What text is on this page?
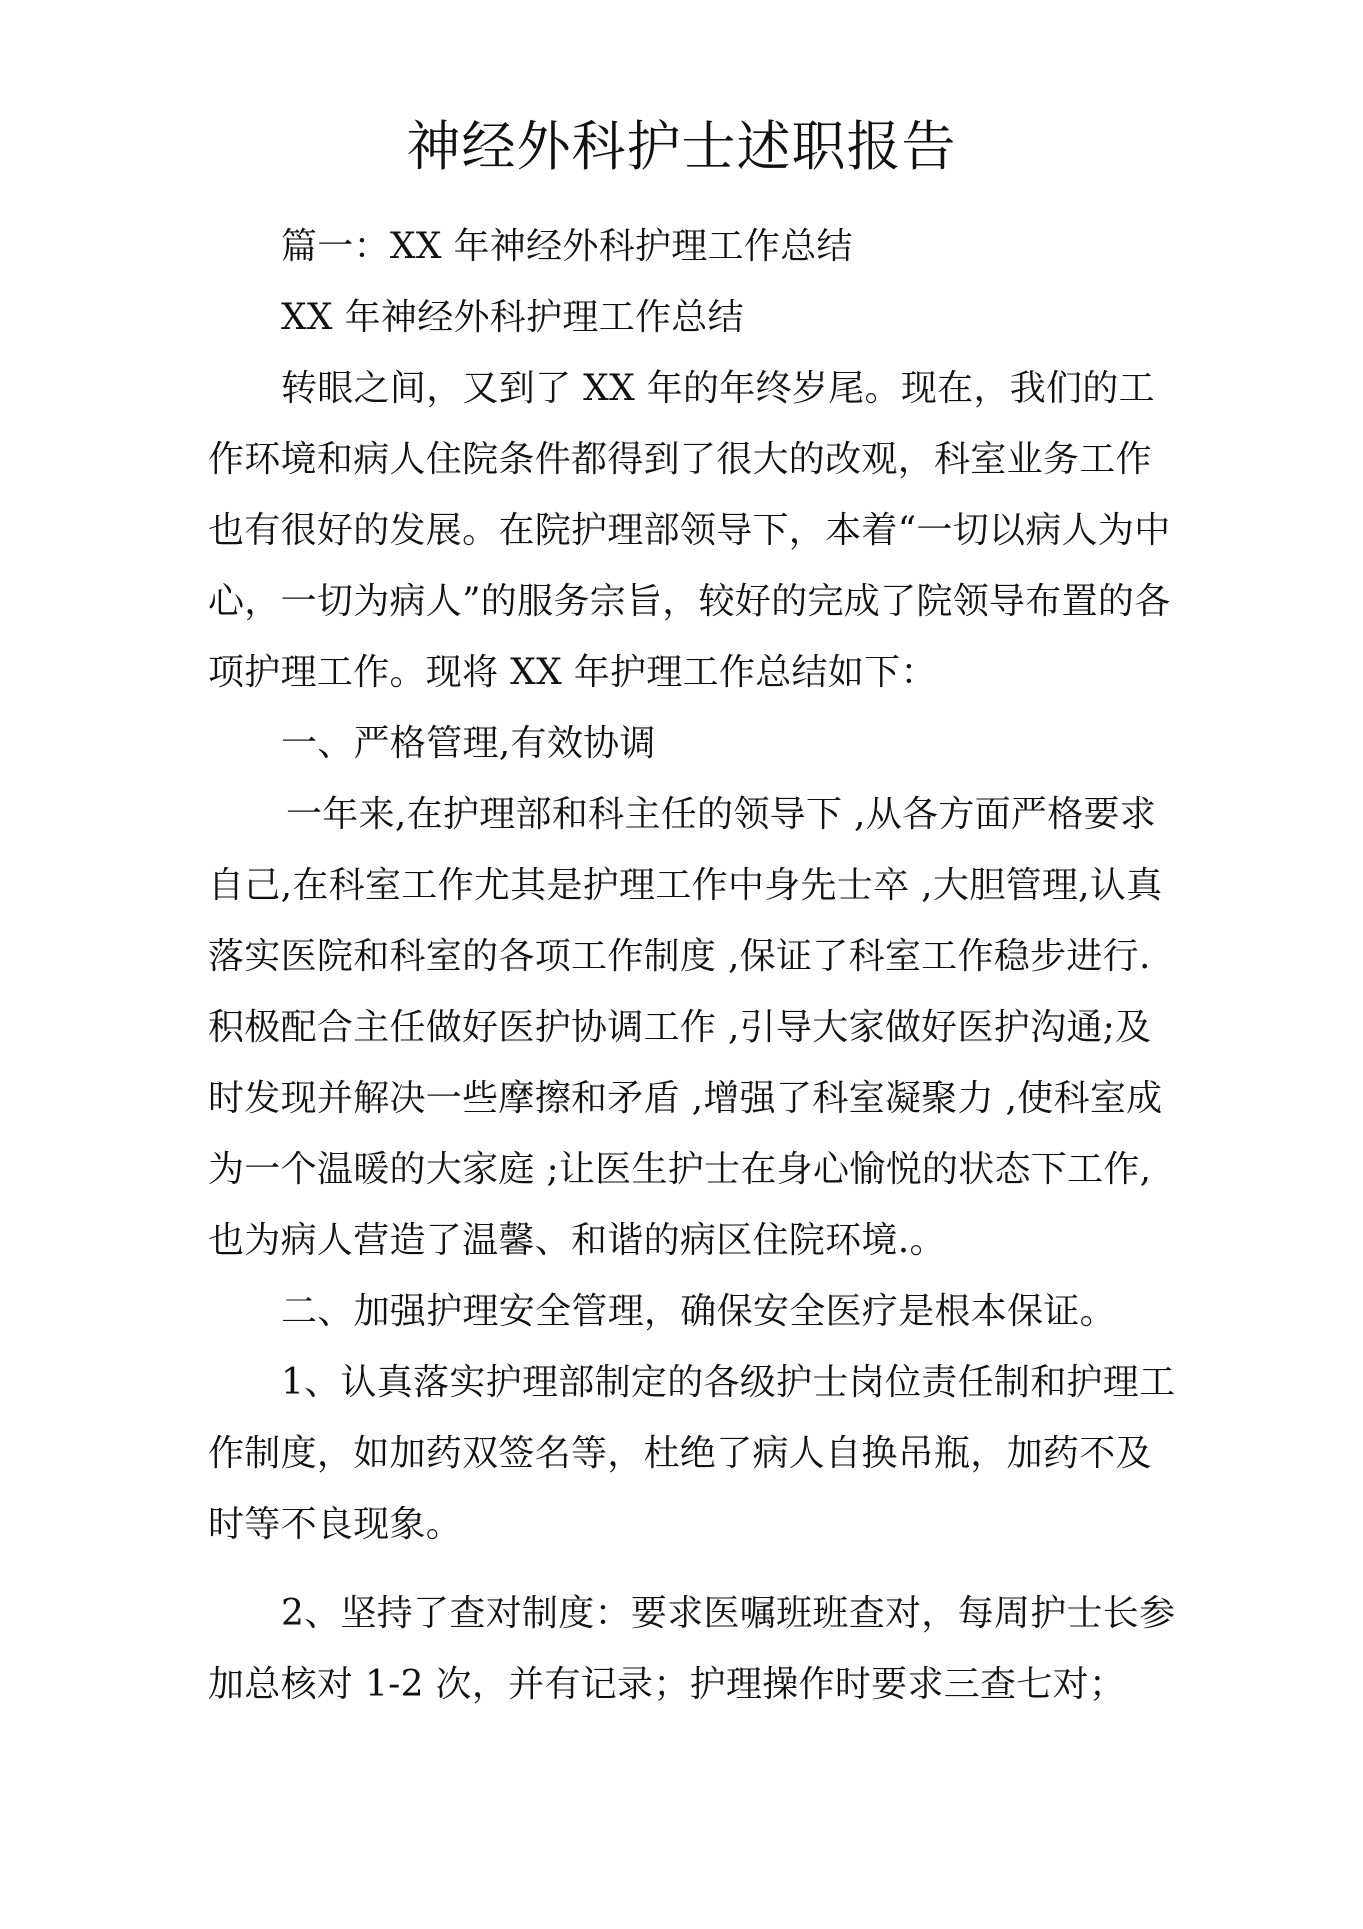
神经外科护士述职报告

篇一：XX 年神经外科护理工作总结

XX 年神经外科护理工作总结

转眼之间，又到了 XX 年的年终岁尾。现在，我们的工作环境和病人住院条件都得到了很大的改观，科室业务工作也有很好的发展。在院护理部领导下，本着“一切以病人为中心，一切为病人”的服务宗旨，较好的完成了院领导布置的各项护理工作。现将 XX 年护理工作总结如下：

一、严格管理,有效协调

一年来,在护理部和科主任的领导下 ,从各方面严格要求自己,在科室工作尤其是护理工作中身先士卒 ,大胆管理,认真落实医院和科室的各项工作制度 ,保证了科室工作稳步进行.积极配合主任做好医护协调工作 ,引导大家做好医护沟通;及时发现并解决一些摩擦和矛盾 ,增强了科室凝聚力 ,使科室成为一个温暖的大家庭 ;让医生护士在身心愉悦的状态下工作,也为病人营造了温馨、和谐的病区住院环境.。

二、加强护理安全管理，确保安全医疗是根本保证。

1、认真落实护理部制定的各级护士岗位责任制和护理工作制度，如加药双签名等，杜绝了病人自换吊瓶，加药不及时等不良现象。

2、坚持了查对制度：要求医嘱班班查对，每周护士长参加总核对 1-2 次，并有记录；护理操作时要求三查七对；
